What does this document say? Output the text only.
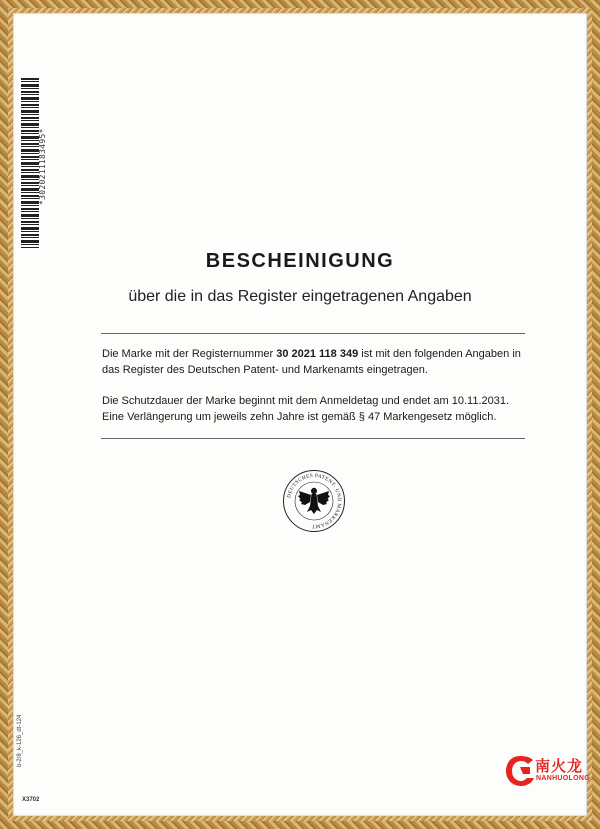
*3020211183495*
BESCHEINIGUNG
über die in das Register eingetragenen Angaben
Die Marke mit der Registernummer 30 2021 118 349 ist mit den folgenden Angaben in das Register des Deutschen Patent- und Markenamts eingetragen.
Die Schutzdauer der Marke beginnt mit dem Anmeldetag und endet am 10.11.2031.
Eine Verlängerung um jeweils zehn Jahre ist gemäß § 47 Markengesetz möglich.
DEUTSCHES PATENT- UND MARKENAMT
b-2/8_k-126_dt-124
X3702
南火龙
NANHUOLONG
